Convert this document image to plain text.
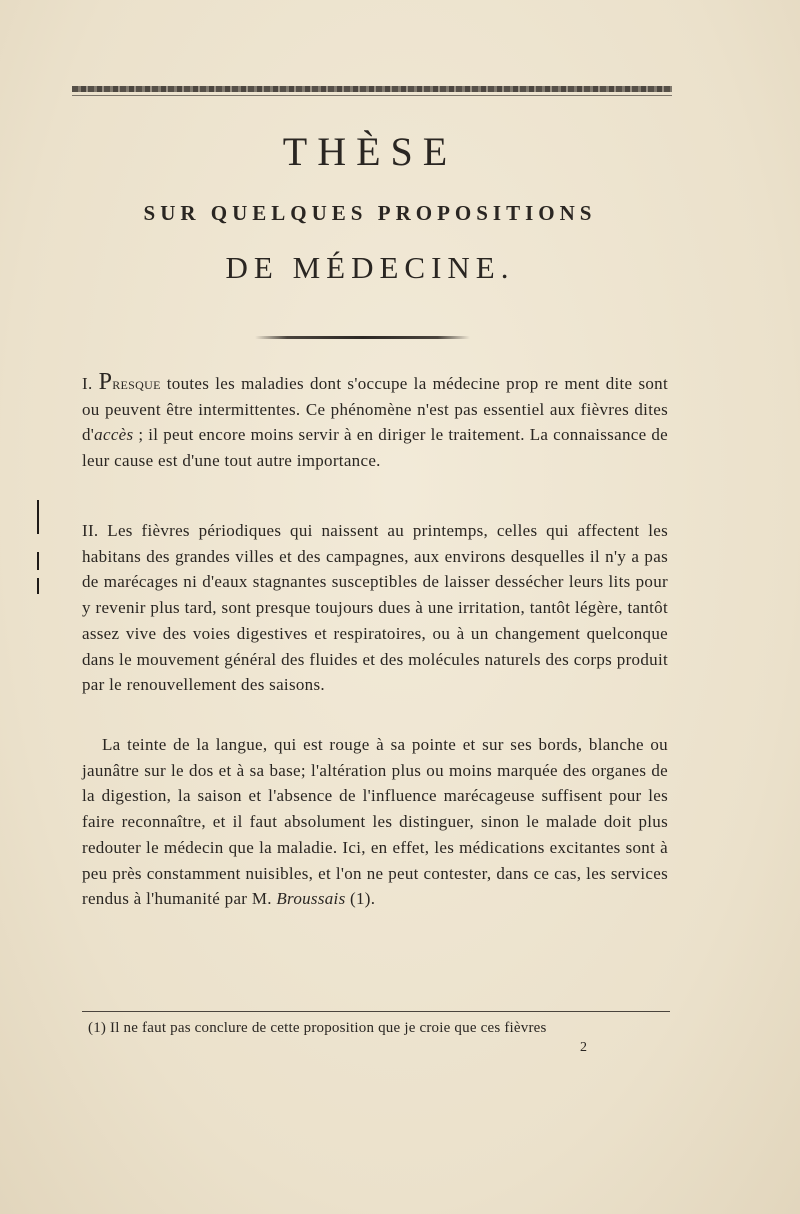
THÈSE
SUR QUELQUES PROPOSITIONS
DE MÉDECINE.
I. Presque toutes les maladies dont s'occupe la médecine prop re ment dite sont ou peuvent être intermittentes. Ce phénomène n'est pas essentiel aux fièvres dites d'accès ; il peut encore moins servir à en diriger le traitement. La connaissance de leur cause est d'une tout autre importance.
II. Les fièvres périodiques qui naissent au printemps, celles qui affectent les habitans des grandes villes et des campagnes, aux environs desquelles il n'y a pas de marécages ni d'eaux stagnantes susceptibles de laisser dessécher leurs lits pour y revenir plus tard, sont presque toujours dues à une irritation, tantôt légère, tantôt assez vive des voies digestives et respiratoires, ou à un changement quelconque dans le mouvement général des fluides et des molécules naturels des corps produit par le renouvellement des saisons.
La teinte de la langue, qui est rouge à sa pointe et sur ses bords, blanche ou jaunâtre sur le dos et à sa base; l'altération plus ou moins marquée des organes de la digestion, la saison et l'absence de l'influence marécageuse suffisent pour les faire reconnaître, et il faut absolument les distinguer, sinon le malade doit plus redouter le médecin que la maladie. Ici, en effet, les médications excitantes sont à peu près constamment nuisibles, et l'on ne peut contester, dans ce cas, les services rendus à l'humanité par M. Broussais (1).
(1) Il ne faut pas conclure de cette proposition que je croie que ces fièvres
2
